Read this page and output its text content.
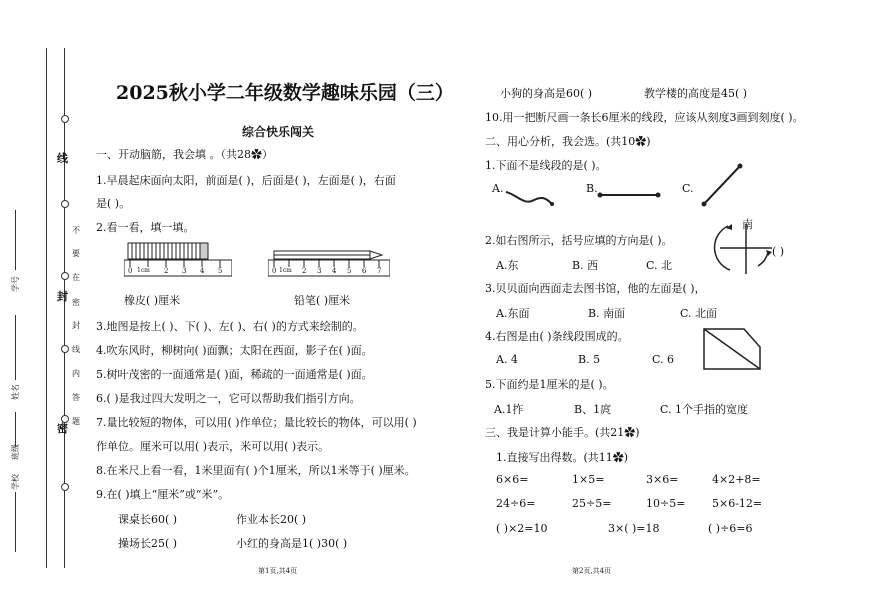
线
封
密
不
要
在
密
封
线
内
答
题
学号
姓名
班级
学校
2025秋小学二年级数学趣味乐园（三）
综合快乐闯关
一、开动脑筋，我会填 。（共28✿）
1.早晨起床面向太阳，前面是( )，后面是( )，左面是( )，右面
是( )。
2.看一看，填一填。
0 1cm 2 3 4 5	0 1cm 2 3 4 5 6 7
橡皮( )厘米	铅笔( )厘米
3.地图是按上( )、下( )、左( )、右( )的方式来绘制的。
4.吹东风时，柳树向( )面飘；太阳在西面，影子在( )面。
5.树叶茂密的一面通常是( )面，稀疏的一面通常是( )面。
6.( )是我过四大发明之一，它可以帮助我们指引方向。
7.量比较短的物体，可以用( )作单位；量比较长的物体，可以用( )
作单位。厘米可以用( )表示，米可以用( )表示。
8.在米尺上看一看，1米里面有( )个1厘米，所以1米等于( )厘米。
9.在( )填上“厘米”或“米”。
课桌长60( )	作业本长20( )
操场长25( )	小红的身高是1( )30( )
第1页,共4页
小狗的身高是60( )	教学楼的高度是45( )
10.用一把断尺画一条长6厘米的线段，应该从刻度3画到刻度( )。
二、用心分析，我会选。(共10✿)
1.下面不是线段的是( )。
A.	B.	C.
2.如右图所示，括号应填的方向是( )。
南
( )
A.东	B. 西	C. 北
3.贝贝面向西面走去图书馆，他的左面是( )，
A.东面	B. 南面	C. 北面
4.右图是由( )条线段围成的。
A. 4	B. 5	C. 6
5.下面约是1厘米的是( )。
A.1拃	B、1庹	C. 1个手指的宽度
三、我是计算小能手。(共21✿)
1.直接写出得数。(共11✿)
6×6=	1×5=	3×6=	4×2+8=
24÷6=	25÷5=	10÷5= 5×6-12=
( )×2=10	3×( )=18	( )÷6=6
第2页,共4页
